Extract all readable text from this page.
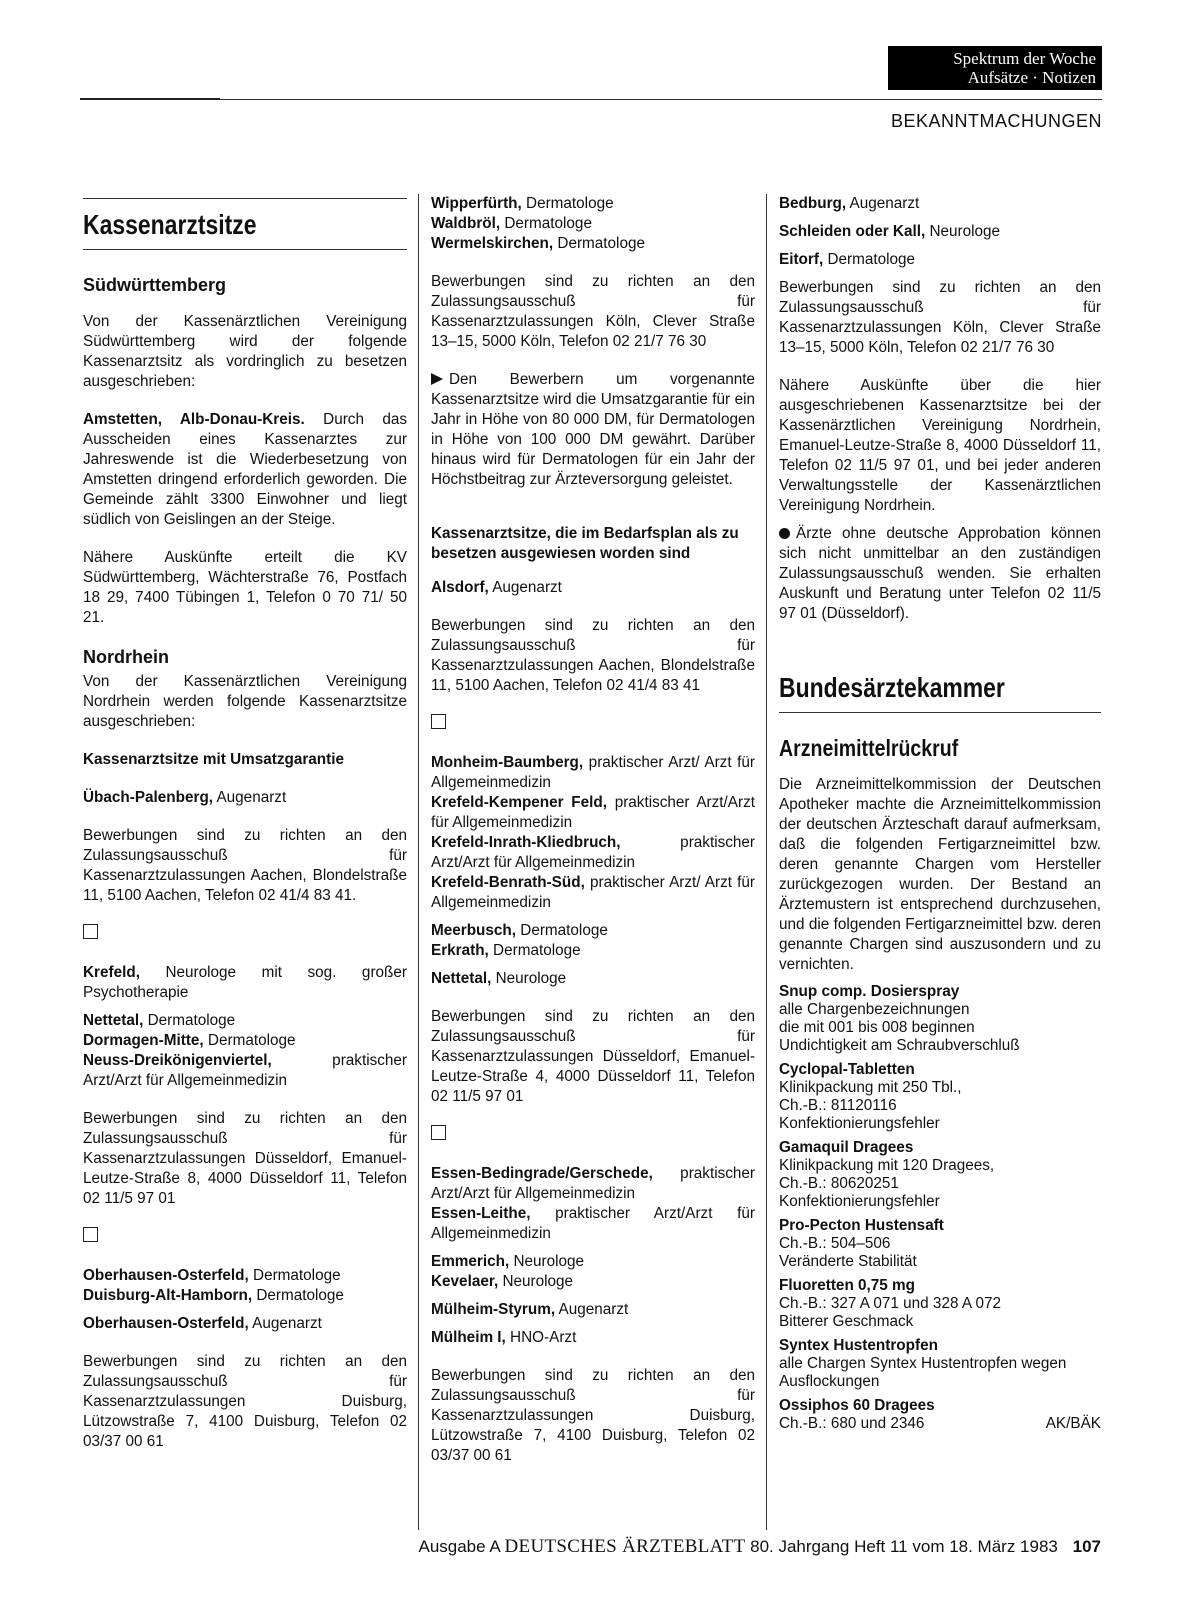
Spektrum der Woche
Aufsätze · Notizen
BEKANNTMACHUNGEN
Kassenarztsitze
Südwürttemberg

Von der Kassenärztlichen Vereinigung Südwürttemberg wird der folgende Kassenarztsitz als vordringlich zu besetzen ausgeschrieben:

Amstetten, Alb-Donau-Kreis. Durch das Ausscheiden eines Kassenarztes zur Jahreswende ist die Wiederbesetzung von Amstetten dringend erforderlich geworden. Die Gemeinde zählt 3300 Einwohner und liegt südlich von Geislingen an der Steige.

Nähere Auskünfte erteilt die KV Südwürttemberg, Wächterstraße 76, Postfach 18 29, 7400 Tübingen 1, Telefon 0 70 71/ 50 21.

Nordrhein

Von der Kassenärztlichen Vereinigung Nordrhein werden folgende Kassenarztsitze ausgeschrieben:

Kassenarztsitze mit Umsatzgarantie

Übach-Palenberg, Augenarzt

Bewerbungen sind zu richten an den Zulassungsausschuß für Kassenarztzulassungen Aachen, Blondelstraße 11, 5100 Aachen, Telefon 02 41/4 83 41.

Krefeld, Neurologe mit sog. großer Psychotherapie

Nettetal, Dermatologe

Dormagen-Mitte, Dermatologe

Neuss-Dreikönigenviertel, praktischer Arzt/Arzt für Allgemeinmedizin

Bewerbungen sind zu richten an den Zulassungsausschuß für Kassenarztzulassungen Düsseldorf, Emanuel-Leutze-Straße 8, 4000 Düsseldorf 11, Telefon 02 11/5 97 01

Oberhausen-Osterfeld, Dermatologe

Duisburg-Alt-Hamborn, Dermatologe

Oberhausen-Osterfeld, Augenarzt

Bewerbungen sind zu richten an den Zulassungsausschuß für Kassenarztzulassungen Duisburg, Lützowstraße 7, 4100 Duisburg, Telefon 02 03/37 00 61

Wipperfürth, Dermatologe

Waldbröl, Dermatologe

Wermelskirchen, Dermatologe

Bewerbungen sind zu richten an den Zulassungsausschuß für Kassenarztzulassungen Köln, Clever Straße 13–15, 5000 Köln, Telefon 02 21/7 76 30

Den Bewerbern um vorgenannte Kassenarztsitze wird die Umsatzgarantie für ein Jahr in Höhe von 80 000 DM, für Dermatologen in Höhe von 100 000 DM gewährt. Darüber hinaus wird für Dermatologen für ein Jahr der Höchstbeitrag zur Ärzteversorgung geleistet.

Kassenarztsitze, die im Bedarfsplan als zu besetzen ausgewiesen worden sind

Alsdorf, Augenarzt

Bewerbungen sind zu richten an den Zulassungsausschuß für Kassenarztzulassungen Aachen, Blondelstraße 11, 5100 Aachen, Telefon 02 41/4 83 41

Monheim-Baumberg, praktischer Arzt/ Arzt für Allgemeinmedizin

Krefeld-Kempener Feld, praktischer Arzt/Arzt für Allgemeinmedizin

Krefeld-Inrath-Kliedbruch, praktischer Arzt/Arzt für Allgemeinmedizin

Krefeld-Benrath-Süd, praktischer Arzt/ Arzt für Allgemeinmedizin

Meerbusch, Dermatologe

Erkrath, Dermatologe

Nettetal, Neurologe

Bewerbungen sind zu richten an den Zulassungsausschuß für Kassenarztzulassungen Düsseldorf, Emanuel-Leutze-Straße 4, 4000 Düsseldorf 11, Telefon 02 11/5 97 01

Essen-Bedingrade/Gerschede, praktischer Arzt/Arzt für Allgemeinmedizin

Essen-Leithe, praktischer Arzt/Arzt für Allgemeinmedizin

Emmerich, Neurologe

Kevelaer, Neurologe

Mülheim-Styrum, Augenarzt

Mülheim I, HNO-Arzt

Bewerbungen sind zu richten an den Zulassungsausschuß für Kassenarztzulassungen Duisburg, Lützowstraße 7, 4100 Duisburg, Telefon 02 03/37 00 61

Bedburg, Augenarzt

Schleiden oder Kall, Neurologe

Eitorf, Dermatologe

Bewerbungen sind zu richten an den Zulassungsausschuß für Kassenarztzulassungen Köln, Clever Straße 13–15, 5000 Köln, Telefon 02 21/7 76 30

Nähere Auskünfte über die hier ausgeschriebenen Kassenarztsitze bei der Kassenärztlichen Vereinigung Nordrhein, Emanuel-Leutze-Straße 8, 4000 Düsseldorf 11, Telefon 02 11/5 97 01, und bei jeder anderen Verwaltungsstelle der Kassenärztlichen Vereinigung Nordrhein.

Ärzte ohne deutsche Approbation können sich nicht unmittelbar an den zuständigen Zulassungsausschuß wenden. Sie erhalten Auskunft und Beratung unter Telefon 02 11/5 97 01 (Düsseldorf).

Bundesärztekammer
Arzneimittelrückruf

Die Arzneimittelkommission der Deutschen Apotheker machte die Arzneimittelkommission der deutschen Ärzteschaft darauf aufmerksam, daß die folgenden Fertigarzneimittel bzw. deren genannte Chargen vom Hersteller zurückgezogen wurden. Der Bestand an Ärztemustern ist entsprechend durchzusehen, und die folgenden Fertigarzneimittel bzw. deren genannte Chargen sind auszusondern und zu vernichten.

Snup comp. Dosierspray
alle Chargenbezeichnungen
die mit 001 bis 008 beginnen
Undichtigkeit am Schraubverschluß
Cyclopal-Tabletten
Klinikpackung mit 250 Tbl.,
Ch.-B.: 81120116
Konfektionierungsfehler
Gamaquil Dragees
Klinikpackung mit 120 Dragees,
Ch.-B.: 80620251
Konfektionierungsfehler
Pro-Pecton Hustensaft
Ch.-B.: 504–506
Veränderte Stabilität
Fluoretten 0,75 mg
Ch.-B.: 327 A 071 und 328 A 072
Bitterer Geschmack
Syntex Hustentropfen
alle Chargen Syntex Hustentropfen wegen Ausflockungen
Ossiphos 60 Dragees
AK/BÄK
Ch.-B.: 680 und 2346
Ausgabe A DEUTSCHES ÄRZTEBLATT 80. Jahrgang Heft 11 vom 18. März 1983 107
